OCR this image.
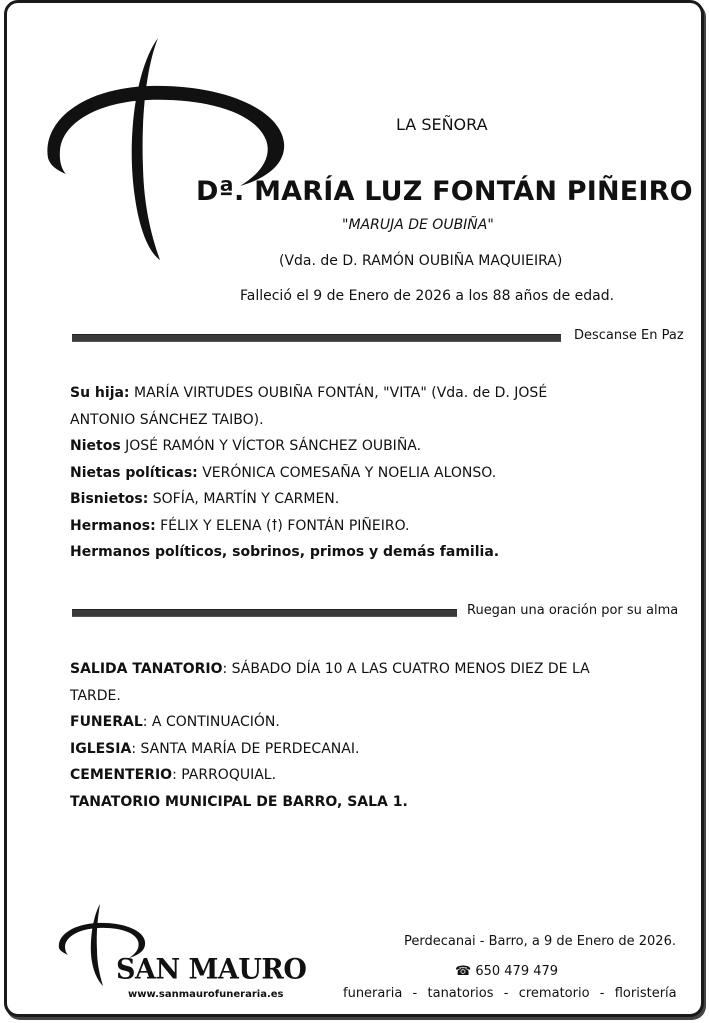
LA SEÑORA
Dª. MARÍA LUZ FONTÁN PIÑEIRO
"MARUJA DE OUBIÑA"
(Vda. de D. RAMÓN OUBIÑA MAQUIEIRA)
Falleció el 9 de Enero de 2026 a los 88 años de edad.
Descanse En Paz
Su hija: MARÍA VIRTUDES OUBIÑA FONTÁN, "VITA" (Vda. de D. JOSÉ
ANTONIO SÁNCHEZ TAIBO).
Nietos JOSÉ RAMÓN Y VÍCTOR SÁNCHEZ OUBIÑA.
Nietas políticas: VERÓNICA COMESAÑA Y NOELIA ALONSO.
Bisnietos: SOFÍA, MARTÍN Y CARMEN.
Hermanos: FÉLIX Y ELENA (ꝉ) FONTÁN PIÑEIRO.
Hermanos políticos, sobrinos, primos y demás familia.
Ruegan una oración por su alma
SALIDA TANATORIO: SÁBADO DÍA 10 A LAS CUATRO MENOS DIEZ DE LA
TARDE.
FUNERAL: A CONTINUACIÓN.
IGLESIA: SANTA MARÍA DE PERDECANAI.
CEMENTERIO: PARROQUIAL.
TANATORIO MUNICIPAL DE BARRO, SALA 1.
SAN MAURO
www.sanmaurofuneraria.es
Perdecanai - Barro, a 9 de Enero de 2026.
☎ 650 479 479
funeraria  -  tanatorios  -  crematorio  -  floristería
